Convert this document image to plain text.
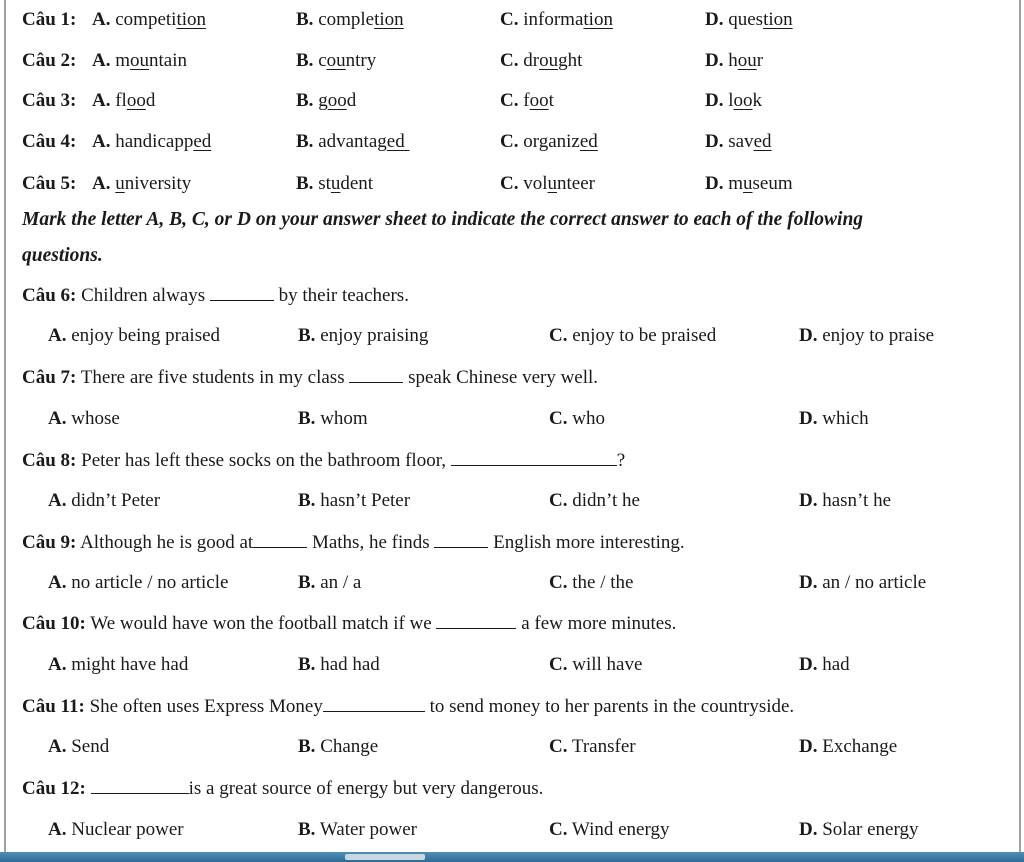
Câu 1: A. competition	B. completion	C. information	D. question
Câu 2: A. mountain	B. country	C. drought	D. hour
Câu 3: A. flood	B. good	C. foot	D. look
Câu 4: A. handicapped	B. advantaged	C. organized	D. saved
Câu 5: A. university	B. student	C. volunteer	D. museum
Mark the letter A, B, C, or D on your answer sheet to indicate the correct answer to each of the following
questions.
Câu 6: Children always	by their teachers.
A. enjoy being praised	B. enjoy praising	C. enjoy to be praised	D. enjoy to praise
Câu 7: There are five students in my class	speak Chinese very well.
A. whose	B. whom	C. who	D. which
Câu 8: Peter has left these socks on the bathroom floor,	?
A. didn’t Peter	B. hasn’t Peter	C. didn’t he	D. hasn’t he
Câu 9: Although he is good at	Maths, he finds	English more interesting.
A. no article / no article	B. an / a	C. the / the	D. an / no article
Câu 10: We would have won the football match if we	a few more minutes.
A. might have had	B. had had	C. will have	D. had
Câu 11: She often uses Express Money	to send money to her parents in the countryside.
A. Send	B. Change	C. Transfer	D. Exchange
Câu 12:	is a great source of energy but very dangerous.
A. Nuclear power	B. Water power	C. Wind energy	D. Solar energy
